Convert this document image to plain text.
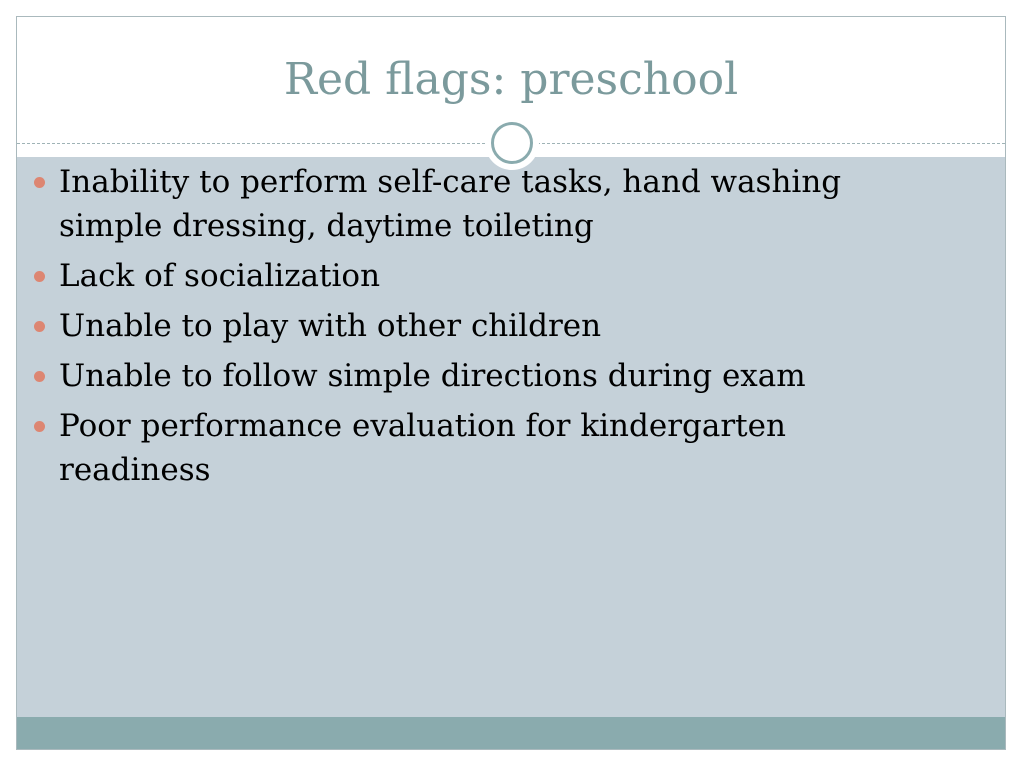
Red flags: preschool
Inability to perform self-care tasks, hand washing simple dressing, daytime toileting
Lack of socialization
Unable to play with other children
Unable to follow simple directions during exam
Poor performance evaluation for kindergarten readiness
